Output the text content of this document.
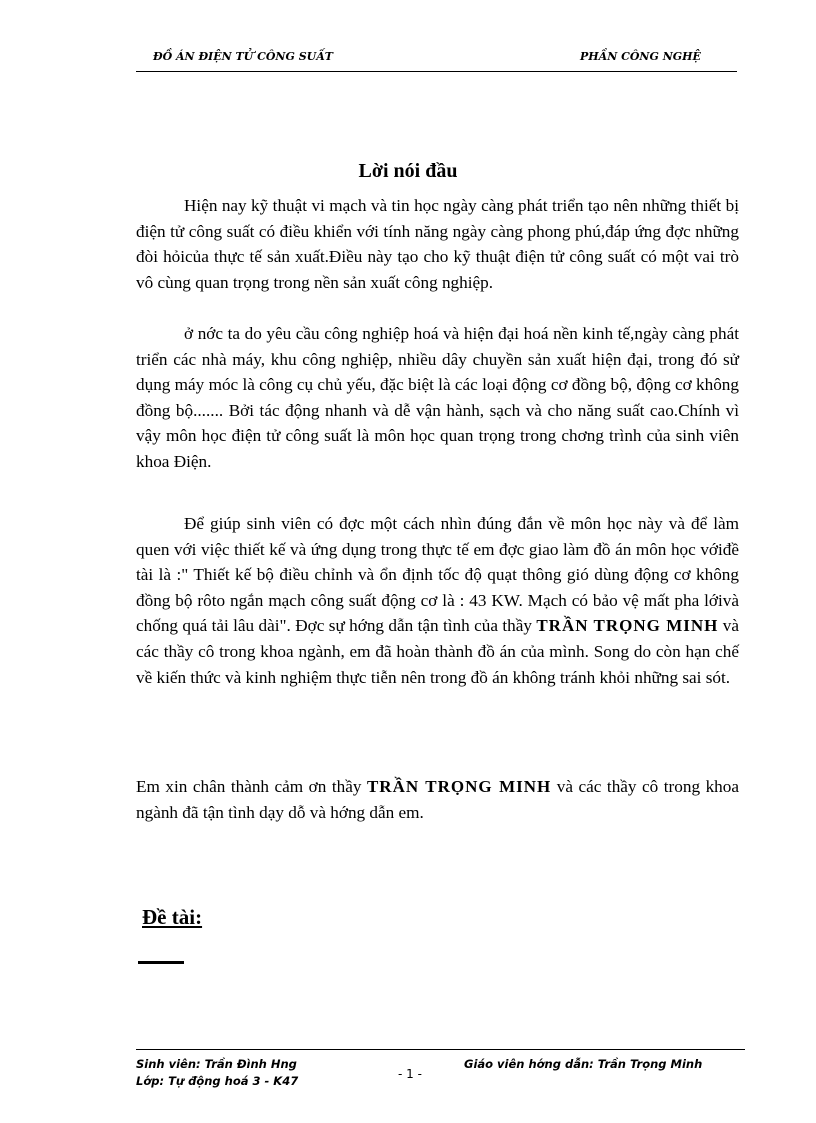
ĐỒ ÁN ĐIỆN TỬ CÔNG SUẤT	PHẦN CÔNG NGHỆ
Lời nói đầu

Hiện nay kỹ thuật vi mạch và tin học ngày càng phát triển tạo nên những thiết bị điện tử công suất có điều khiển với tính năng ngày càng phong phú,đáp ứng đợc những đòi hỏicủa thực tế sản xuất.Điều này tạo cho kỹ thuật điện tử công suất có một vai trò vô cùng quan trọng trong nền sản xuất công nghiệp.

ở nớc ta do yêu cầu công nghiệp hoá và hiện đại hoá nền kinh tế,ngày càng phát triển các nhà máy, khu công nghiệp, nhiều dây chuyền sản xuất hiện đại, trong đó sử dụng máy móc là công cụ chủ yếu, đặc biệt là các loại động cơ đồng bộ, động cơ không đồng bộ....... Bởi tác động nhanh và dễ vận hành, sạch và cho năng suất cao.Chính vì vậy môn học điện tử công suất là môn học quan trọng trong chơng trình của sinh viên khoa Điện.

Để giúp sinh viên có đợc một cách nhìn đúng đắn về môn học này và để làm quen với việc thiết kế và ứng dụng trong thực tế em đợc giao làm đồ án môn học vớiđề tài là :" Thiết kế bộ điều chỉnh và ổn định tốc độ quạt thông gió dùng động cơ không đồng bộ rôto ngắn mạch công suất động cơ là : 43 KW. Mạch có bảo vệ mất pha lớivà chống quá tải lâu dài". Đợc sự hớng dẫn tận tình của thầy TRẦN TRỌNG MINH và các thầy cô trong khoa ngành, em đã hoàn thành đồ án của mình. Song do còn hạn chế về kiến thức và kinh nghiệm thực tiễn nên trong đồ án không tránh khỏi những sai sót.

Em xin chân thành cảm ơn thầy TRẦN TRỌNG MINH và các thầy cô trong khoa ngành đã tận tình dạy dỗ và hớng dẫn em.

Đề tài:
Sinh viên: Trần Đình Hng
Lớp: Tự động hoá 3 - K47	- 1 -
Giáo viên hớng dẫn: Trần Trọng Minh
